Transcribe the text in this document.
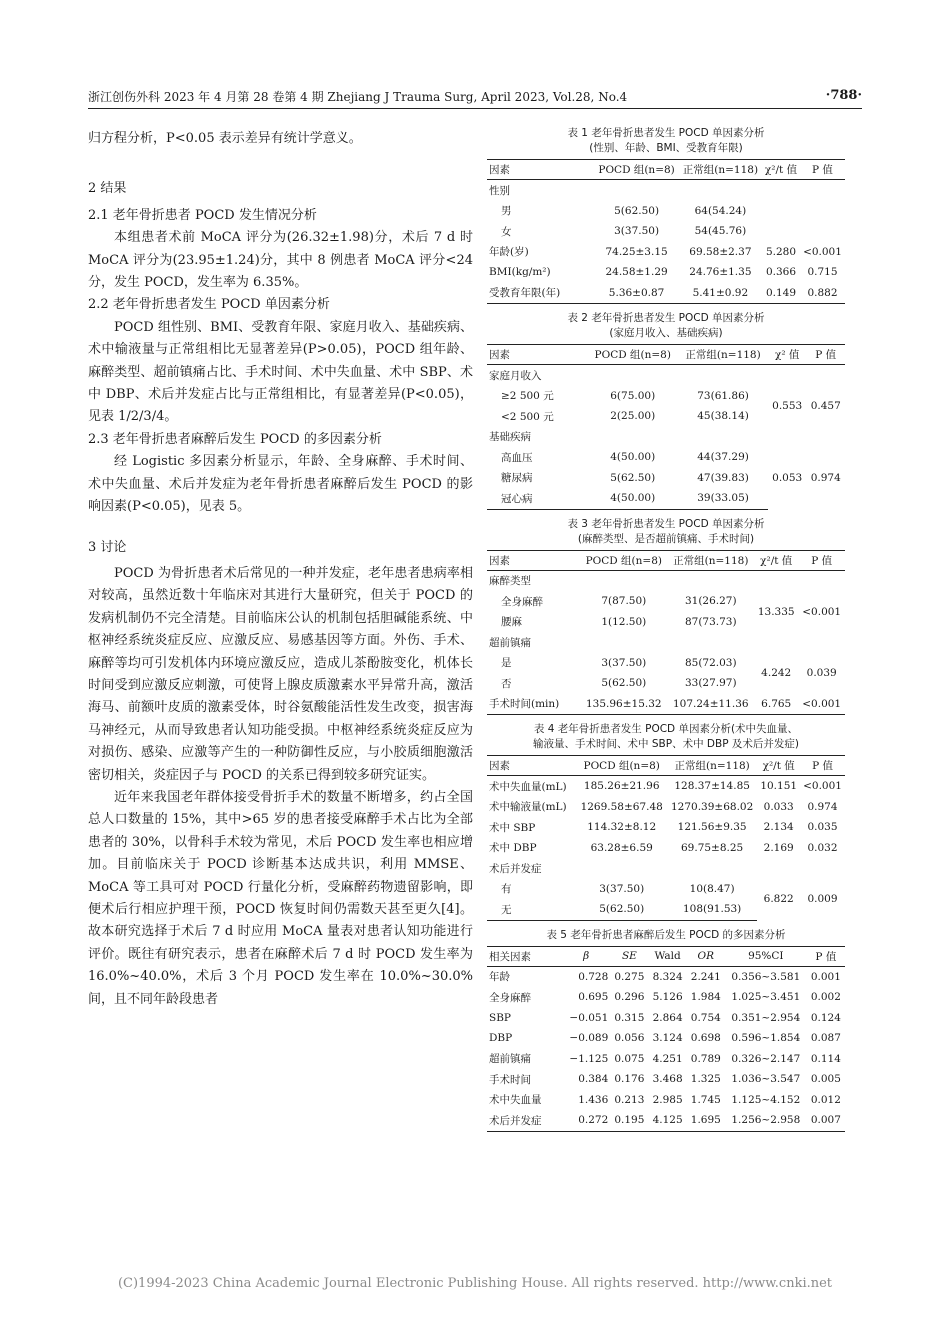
浙江创伤外科 2023 年 4 月第 28 卷第 4 期 Zhejiang J Trauma Surg, April 2023, Vol.28, No.4	·788·

归方程分析，P<0.05 表示差异有统计学意义。

2 结果

2.1 老年骨折患者 POCD 发生情况分析

本组患者术前 MoCA 评分为(26.32±1.98)分，术后 7 d 时 MoCA 评分为(23.95±1.24)分，其中 8 例患者 MoCA 评分<24 分，发生 POCD，发生率为 6.35%。

2.2 老年骨折患者发生 POCD 单因素分析

POCD 组性别、BMI、受教育年限、家庭月收入、基础疾病、术中输液量与正常组相比无显著差异(P>0.05)，POCD 组年龄、麻醉类型、超前镇痛占比、手术时间、术中失血量、术中 SBP、术中 DBP、术后并发症占比与正常组相比，有显著差异(P<0.05)，见表 1/2/3/4。

2.3 老年骨折患者麻醉后发生 POCD 的多因素分析

经 Logistic 多因素分析显示，年龄、全身麻醉、手术时间、术中失血量、术后并发症为老年骨折患者麻醉后发生 POCD 的影响因素(P<0.05)，见表 5。

3 讨论

POCD 为骨折患者术后常见的一种并发症，老年患者患病率相对较高，虽然近数十年临床对其进行大量研究，但关于 POCD 的发病机制仍不完全清楚。目前临床公认的机制包括胆碱能系统、中枢神经系统炎症反应、应激反应、易感基因等方面。外伤、手术、麻醉等均可引发机体内环境应激反应，造成儿茶酚胺变化，机体长时间受到应激反应刺激，可使肾上腺皮质激素水平异常升高，激活海马、前额叶皮质的激素受体，时谷氨酸能活性发生改变，损害海马神经元，从而导致患者认知功能受损。中枢神经系统炎症反应为对损伤、感染、应激等产生的一种防御性反应，与小胶质细胞激活密切相关，炎症因子与 POCD 的关系已得到较多研究证实。

近年来我国老年群体接受骨折手术的数量不断增多，约占全国总人口数量的 15%，其中>65 岁的患者接受麻醉手术占比为全部患者的 30%，以骨科手术较为常见，术后 POCD 发生率也相应增加。目前临床关于 POCD 诊断基本达成共识，利用 MMSE、MoCA 等工具可对 POCD 行量化分析，受麻醉药物遗留影响，即便术后行相应护理干预，POCD 恢复时间仍需数天甚至更久[4]。故本研究选择于术后 7 d 时应用 MoCA 量表对患者认知功能进行评价。既往有研究表示，患者在麻醉术后 7 d 时 POCD 发生率为 16.0%~40.0%，术后 3 个月 POCD 发生率在 10.0%~30.0%间，且不同年龄段患者

表 1 老年骨折患者发生 POCD 单因素分析

(性别、年龄、BMI、受教育年限)

因素	POCD 组(n=8)	正常组(n=118)	χ²/t 值	P 值
性别				
男	5(62.50)	64(54.24)		
女	3(37.50)	54(45.76)		
年龄(岁)	74.25±3.15	69.58±2.37	5.280	<0.001
BMI(kg/m²)	24.58±1.29	24.76±1.35	0.366	0.715
受教育年限(年)	5.36±0.87	5.41±0.92	0.149	0.882

表 2 老年骨折患者发生 POCD 单因素分析

(家庭月收入、基础疾病)

因素	POCD 组(n=8)	正常组(n=118)	χ² 值	P 值
家庭月收入				
≥2 500 元	6(75.00)	73(61.86)	0.553	0.457
<2 500 元	2(25.00)	45(38.14)		
基础疾病				
高血压	4(50.00)	44(37.29)	0.053	0.974
糖尿病	5(62.50)	47(39.83)		
冠心病	4(50.00)	39(33.05)		

表 3 老年骨折患者发生 POCD 单因素分析

(麻醉类型、是否超前镇痛、手术时间)

因素	POCD 组(n=8)	正常组(n=118)	χ²/t 值	P 值
麻醉类型				
全身麻醉	7(87.50)	31(26.27)	13.335	<0.001
腰麻	1(12.50)	87(73.73)		
超前镇痛				
是	3(37.50)	85(72.03)	4.242	0.039
否	5(62.50)	33(27.97)		
手术时间(min)	135.96±15.32	107.24±11.36	6.765	<0.001

表 4 老年骨折患者发生 POCD 单因素分析(术中失血量、

输液量、手术时间、术中 SBP、术中 DBP 及术后并发症)

因素	POCD 组(n=8)	正常组(n=118)	χ²/t 值	P 值
术中失血量(mL)	185.26±21.96	128.37±14.85	10.151	<0.001
术中输液量(mL)	1269.58±67.48	1270.39±68.02	0.033	0.974
术中 SBP	114.32±8.12	121.56±9.35	2.134	0.035
术中 DBP	63.28±6.59	69.75±8.25	2.169	0.032
术后并发症				
有	3(37.50)	10(8.47)	6.822	0.009
无	5(62.50)	108(91.53)		

表 5 老年骨折患者麻醉后发生 POCD 的多因素分析

相关因素	β	SE	Wald	OR	95%CI	P 值
年龄	0.728	0.275	8.324	2.241	0.356~3.581	0.001
全身麻醉	0.695	0.296	5.126	1.984	1.025~3.451	0.002
SBP	−0.051	0.315	2.864	0.754	0.351~2.954	0.124
DBP	−0.089	0.056	3.124	0.698	0.596~1.854	0.087
超前镇痛	−1.125	0.075	4.251	0.789	0.326~2.147	0.114
手术时间	0.384	0.176	3.468	1.325	1.036~3.547	0.005
术中失血量	1.436	0.213	2.985	1.745	1.125~4.152	0.012
术后并发症	0.272	0.195	4.125	1.695	1.256~2.958	0.007
(C)1994-2023 China Academic Journal Electronic Publishing House. All rights reserved. http://www.cnki.net
